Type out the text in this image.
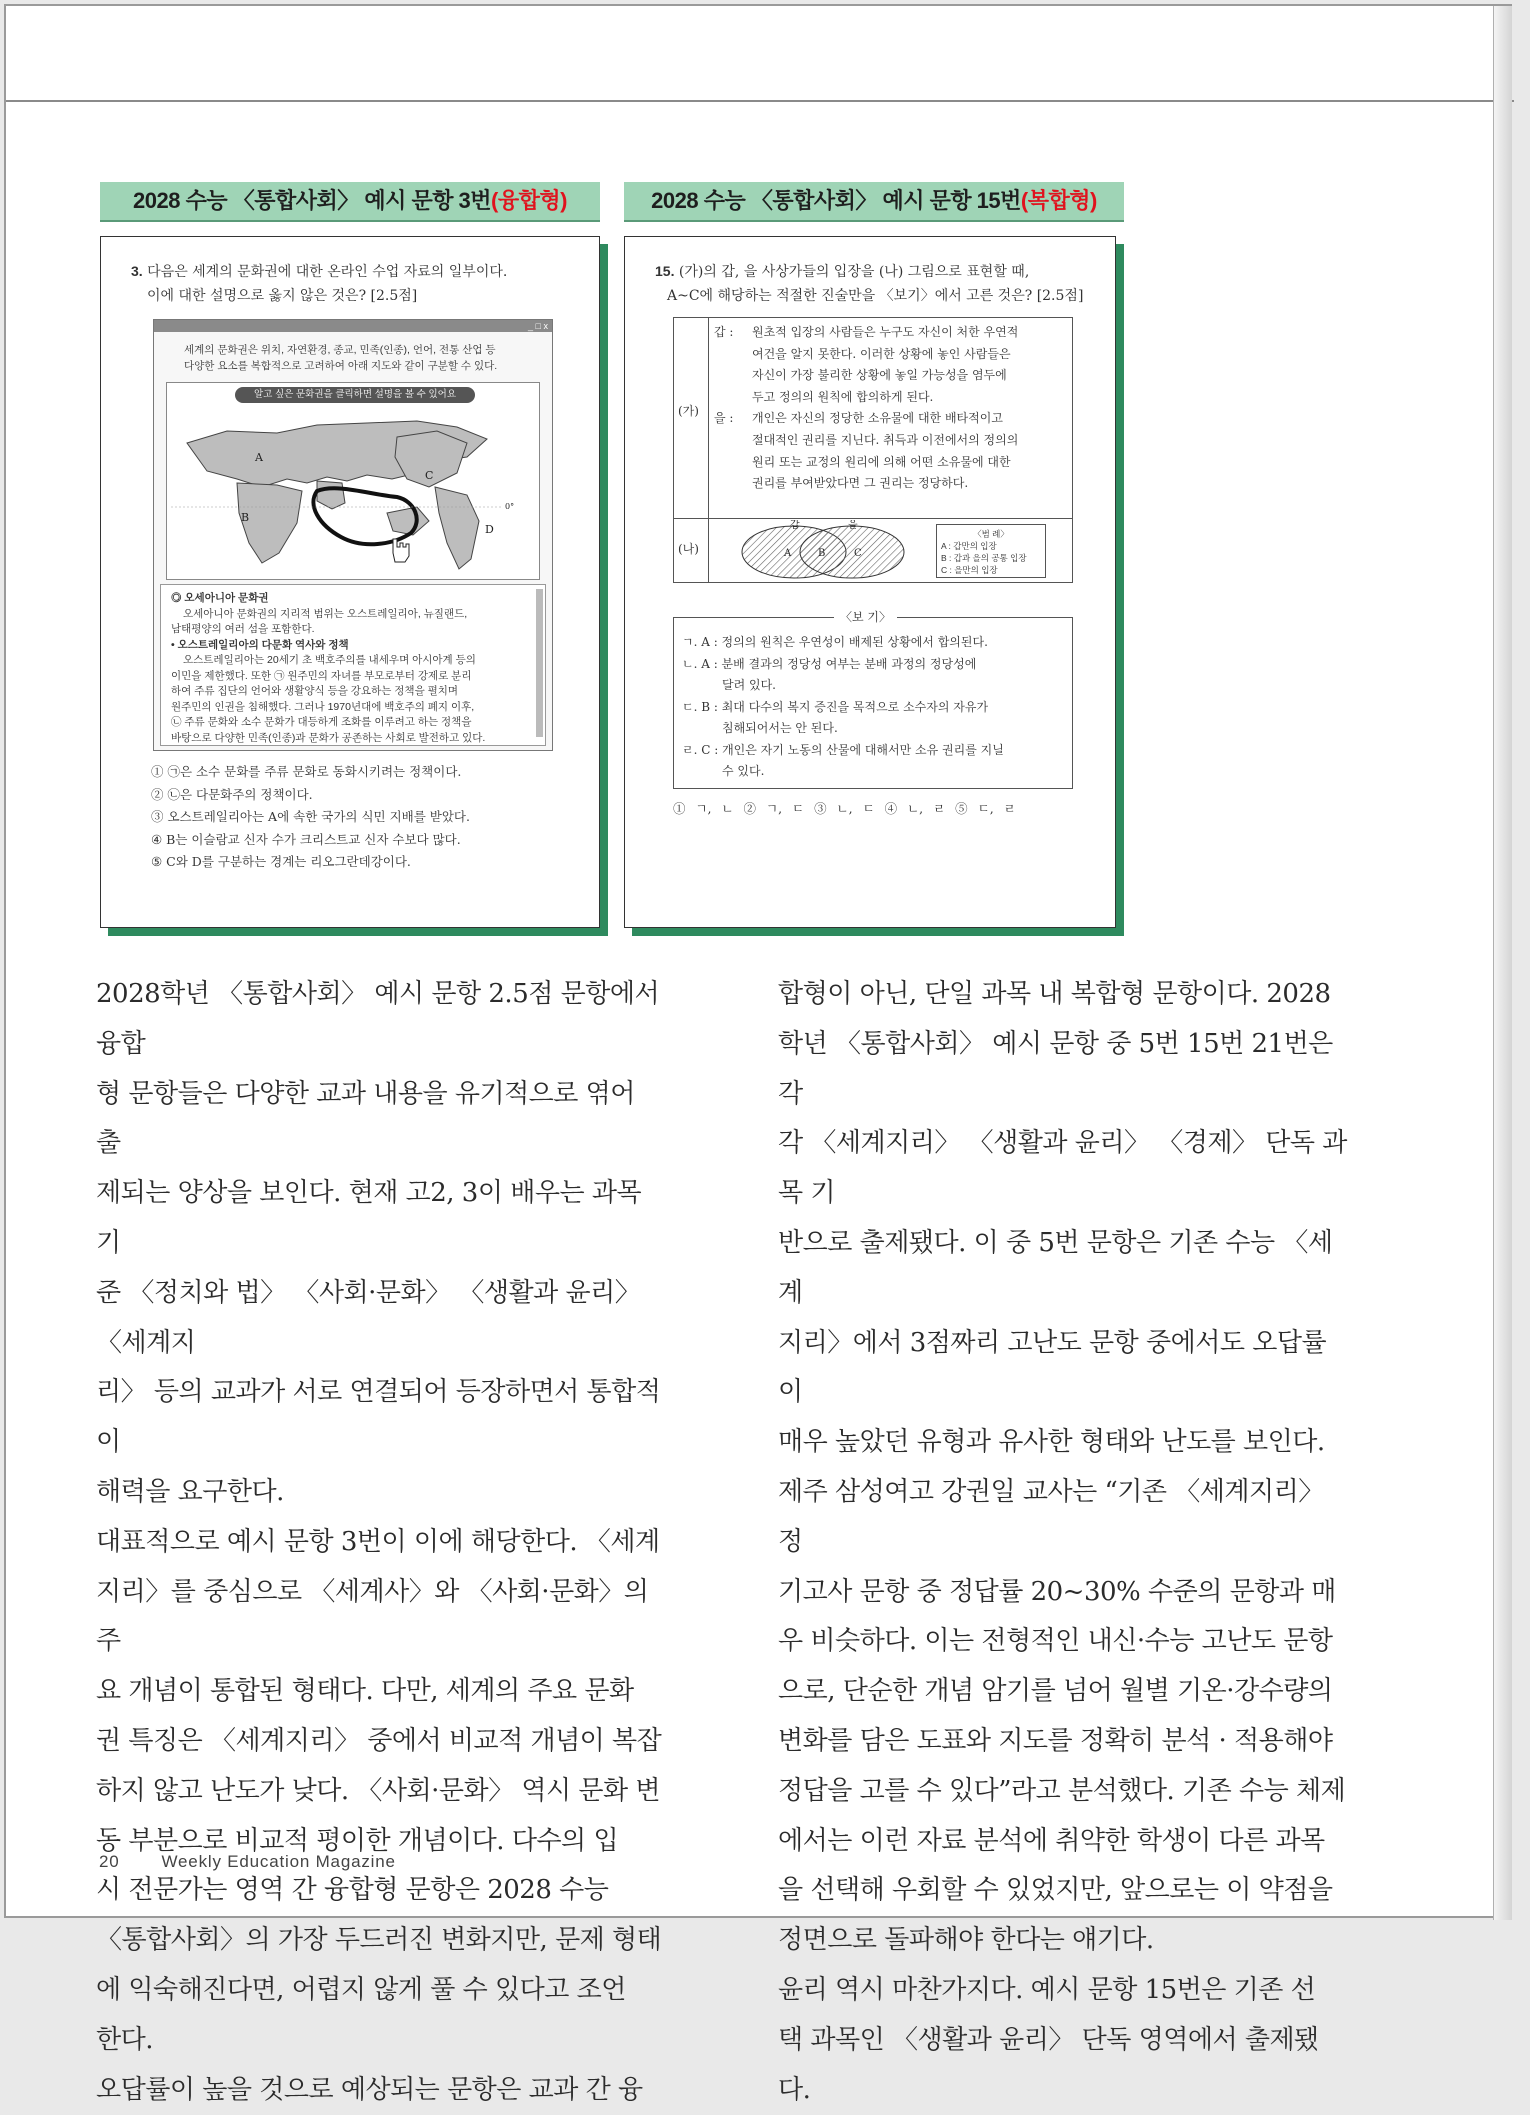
2028 수능 〈통합사회〉 예시 문항 3번(융합형)	2028 수능 〈통합사회〉 예시 문항 15번(복합형)
3. 다음은 세계의 문화권에 대한 온라인 수업 자료의 일부이다.
이에 대한 설명으로 옳지 않은 것은? [2.5점]
_ □ x
세계의 문화권은 위치, 자연환경, 종교, 민족(인종), 언어, 전통 산업 등
다양한 요소를 복합적으로 고려하여 아래 지도와 같이 구분할 수 있다.
알고 싶은 문화권을 클릭하면 설명을 볼 수 있어요
A
B
C
D
0°
◎ 오세아니아 문화권
오세아니아 문화권의 지리적 범위는 오스트레일리아, 뉴질랜드,
남태평양의 여러 섬을 포함한다.
• 오스트레일리아의 다문화 역사와 정책
오스트레일리아는 20세기 초 백호주의를 내세우며 아시아계 등의
이민을 제한했다. 또한 ㉠ 원주민의 자녀를 부모로부터 강제로 분리
하여 주류 집단의 언어와 생활양식 등을 강요하는 정책을 펼치며
원주민의 인권을 침해했다. 그러나 1970년대에 백호주의 폐지 이후,
㉡ 주류 문화와 소수 문화가 대등하게 조화를 이루려고 하는 정책을
바탕으로 다양한 민족(인종)과 문화가 공존하는 사회로 발전하고 있다.
① ㉠은 소수 문화를 주류 문화로 동화시키려는 정책이다.
② ㉡은 다문화주의 정책이다.
③ 오스트레일리아는 A에 속한 국가의 식민 지배를 받았다.
④ B는 이슬람교 신자 수가 크리스트교 신자 수보다 많다.
⑤ C와 D를 구분하는 경계는 리오그란데강이다.
15. (가)의 갑, 을 사상가들의 입장을 (나) 그림으로 표현할 때,
A~C에 해당하는 적절한 진술만을 〈보기〉에서 고른 것은? [2.5점]
(가)
갑 :	원초적 입장의 사람들은 누구도 자신이 처한 우연적
여건을 알지 못한다. 이러한 상황에 놓인 사람들은
자신이 가장 불리한 상황에 놓일 가능성을 염두에
두고 정의의 원칙에 합의하게 된다.
을 :	개인은 자신의 정당한 소유물에 대한 배타적이고
절대적인 권리를 지닌다. 취득과 이전에서의 정의의
원리 또는 교정의 원리에 의해 어떤 소유물에 대한
권리를 부여받았다면 그 권리는 정당하다.
(나)
갑	을
A	B	C
〈범 례〉
A : 갑만의 입장
B : 갑과 을의 공통 입장
C : 을만의 입장
〈보 기〉
ㄱ. A : 정의의 원칙은 우연성이 배제된 상황에서 합의된다.
ㄴ. A : 분배 결과의 정당성 여부는 분배 과정의 정당성에
달려 있다.
ㄷ. B : 최대 다수의 복지 증진을 목적으로 소수자의 자유가
침해되어서는 안 된다.
ㄹ. C : 개인은 자기 노동의 산물에 대해서만 소유 권리를 지닐
수 있다.
① ㄱ, ㄴ ② ㄱ, ㄷ ③ ㄴ, ㄷ ④ ㄴ, ㄹ ⑤ ㄷ, ㄹ

2028학년 〈통합사회〉 예시 문항 2.5점 문항에서 융합

형 문항들은 다양한 교과 내용을 유기적으로 엮어 출

제되는 양상을 보인다. 현재 고2, 3이 배우는 과목 기

준 〈정치와 법〉 〈사회·문화〉 〈생활과 윤리〉 〈세계지

리〉 등의 교과가 서로 연결되어 등장하면서 통합적 이

해력을 요구한다.

대표적으로 예시 문항 3번이 이에 해당한다. 〈세계

지리〉를 중심으로 〈세계사〉와 〈사회·문화〉의 주

요 개념이 통합된 형태다. 다만, 세계의 주요 문화

권 특징은 〈세계지리〉 중에서 비교적 개념이 복잡

하지 않고 난도가 낮다. 〈사회·문화〉 역시 문화 변

동 부분으로 비교적 평이한 개념이다. 다수의 입

시 전문가는 영역 간 융합형 문항은 2028 수능

〈통합사회〉의 가장 두드러진 변화지만, 문제 형태

에 익숙해진다면, 어렵지 않게 풀 수 있다고 조언

한다.

오답률이 높을 것으로 예상되는 문항은 교과 간 융

합형이 아닌, 단일 과목 내 복합형 문항이다. 2028

학년 〈통합사회〉 예시 문항 중 5번 15번 21번은 각

각 〈세계지리〉 〈생활과 윤리〉 〈경제〉 단독 과목 기

반으로 출제됐다. 이 중 5번 문항은 기존 수능 〈세계

지리〉에서 3점짜리 고난도 문항 중에서도 오답률이

매우 높았던 유형과 유사한 형태와 난도를 보인다.

제주 삼성여고 강권일 교사는 “기존 〈세계지리〉 정

기고사 문항 중 정답률 20~30% 수준의 문항과 매

우 비슷하다. 이는 전형적인 내신·수능 고난도 문항

으로, 단순한 개념 암기를 넘어 월별 기온·강수량의

변화를 담은 도표와 지도를 정확히 분석 · 적용해야

정답을 고를 수 있다”라고 분석했다. 기존 수능 체제

에서는 이런 자료 분석에 취약한 학생이 다른 과목

을 선택해 우회할 수 있었지만, 앞으로는 이 약점을

정면으로 돌파해야 한다는 얘기다.

윤리 역시 마찬가지다. 예시 문항 15번은 기존 선

택 과목인 〈생활과 윤리〉 단독 영역에서 출제됐다.

20 Weekly Education Magazine
